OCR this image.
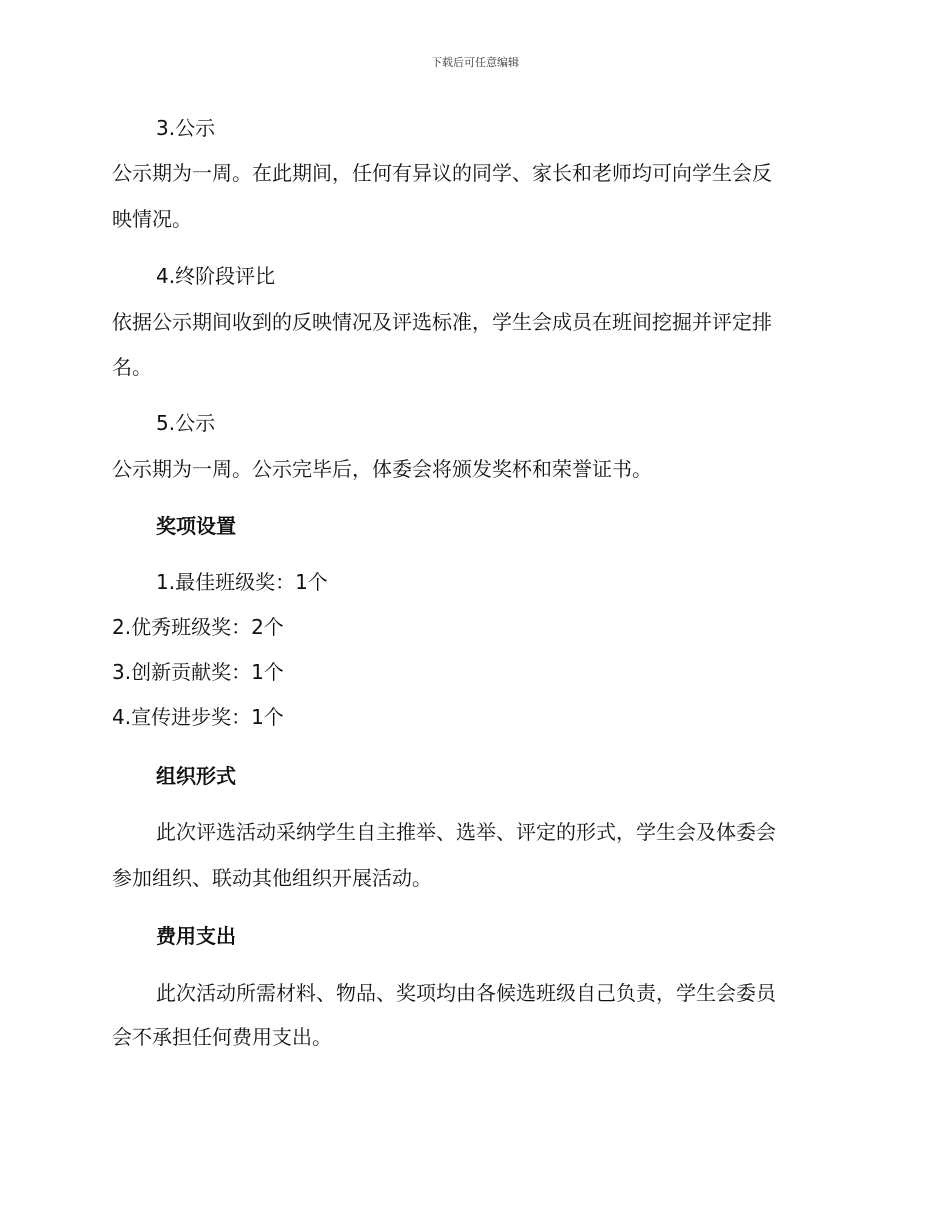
下载后可任意编辑
3.公示
公示期为一周。在此期间，任何有异议的同学、家长和老师均可向学生会反
映情况。
4.终阶段评比
依据公示期间收到的反映情况及评选标准，学生会成员在班间挖掘并评定排
名。
5.公示
公示期为一周。公示完毕后，体委会将颁发奖杯和荣誉证书。
奖项设置
1.最佳班级奖：1个
2.优秀班级奖：2个
3.创新贡献奖：1个
4.宣传进步奖：1个
组织形式
此次评选活动采纳学生自主推举、选举、评定的形式，学生会及体委会
参加组织、联动其他组织开展活动。
费用支出
此次活动所需材料、物品、奖项均由各候选班级自己负责，学生会委员
会不承担任何费用支出。
